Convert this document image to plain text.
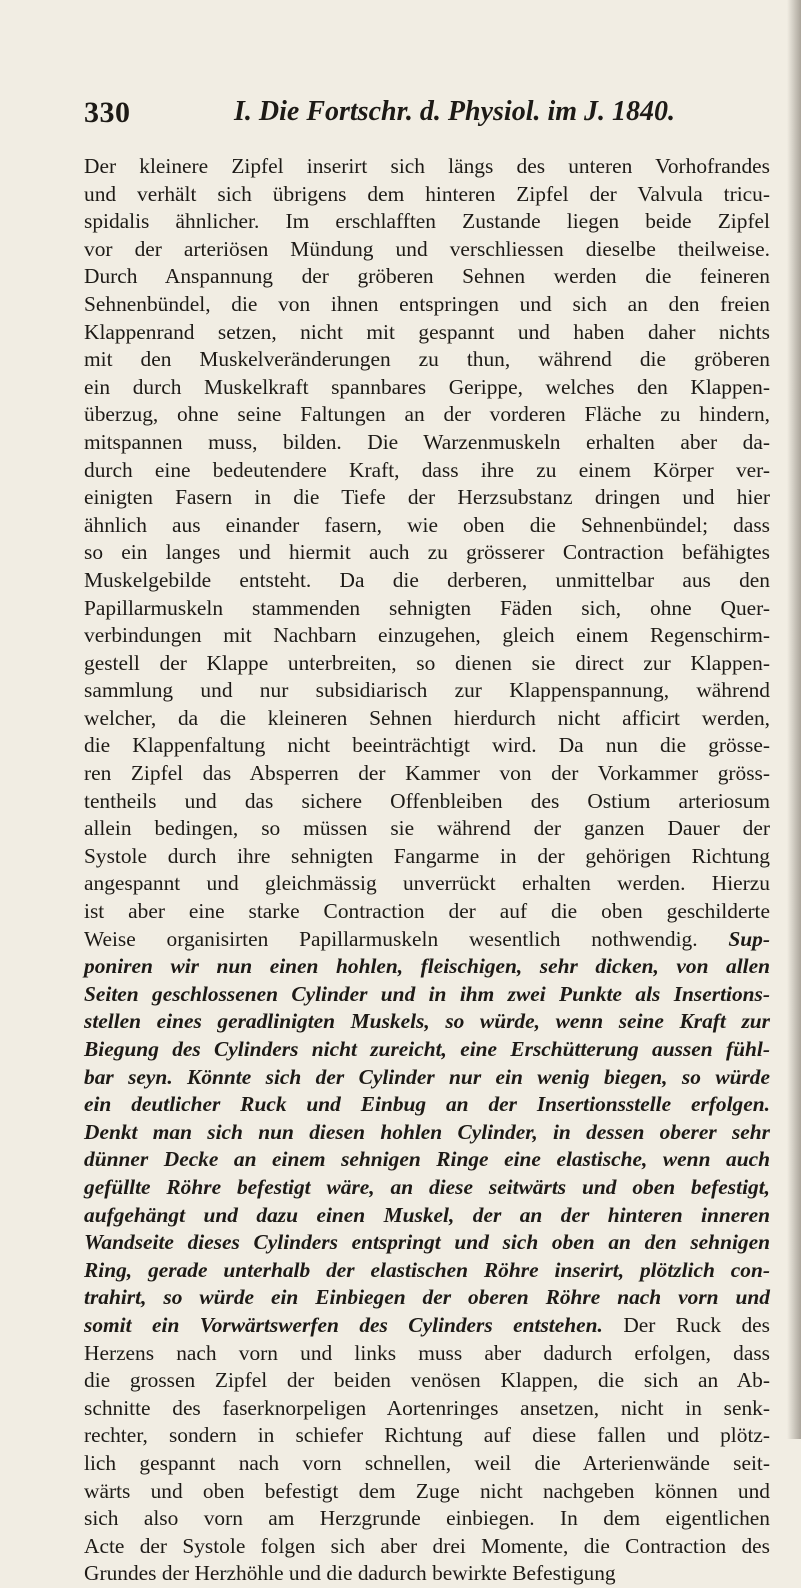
330	I. Die Fortschr. d. Physiol. im J. 1840.
Der kleinere Zipfel inserirt sich längs des unteren Vorhofrandes
und verhält sich übrigens dem hinteren Zipfel der Valvula tricu-
spidalis ähnlicher. Im erschlafften Zustande liegen beide Zipfel
vor der arteriösen Mündung und verschliessen dieselbe theilweise.
Durch Anspannung der gröberen Sehnen werden die feineren
Sehnenbündel, die von ihnen entspringen und sich an den freien
Klappenrand setzen, nicht mit gespannt und haben daher nichts
mit den Muskelveränderungen zu thun, während die gröberen
ein durch Muskelkraft spannbares Gerippe, welches den Klappen-
überzug, ohne seine Faltungen an der vorderen Fläche zu hindern,
mitspannen muss, bilden. Die Warzenmuskeln erhalten aber da-
durch eine bedeutendere Kraft, dass ihre zu einem Körper ver-
einigten Fasern in die Tiefe der Herzsubstanz dringen und hier
ähnlich aus einander fasern, wie oben die Sehnenbündel; dass
so ein langes und hiermit auch zu grösserer Contraction befähigtes
Muskelgebilde entsteht. Da die derberen, unmittelbar aus den
Papillarmuskeln stammenden sehnigten Fäden sich, ohne Quer-
verbindungen mit Nachbarn einzugehen, gleich einem Regenschirm-
gestell der Klappe unterbreiten, so dienen sie direct zur Klappen-
sammlung und nur subsidiarisch zur Klappenspannung, während
welcher, da die kleineren Sehnen hierdurch nicht afficirt werden,
die Klappenfaltung nicht beeinträchtigt wird. Da nun die grösse-
ren Zipfel das Absperren der Kammer von der Vorkammer gröss-
tentheils und das sichere Offenbleiben des Ostium arteriosum
allein bedingen, so müssen sie während der ganzen Dauer der
Systole durch ihre sehnigten Fangarme in der gehörigen Richtung
angespannt und gleichmässig unverrückt erhalten werden. Hierzu
ist aber eine starke Contraction der auf die oben geschilderte
Weise organisirten Papillarmuskeln wesentlich nothwendig. Sup-
poniren wir nun einen hohlen, fleischigen, sehr dicken, von allen
Seiten geschlossenen Cylinder und in ihm zwei Punkte als Insertions-
stellen eines geradlinigten Muskels, so würde, wenn seine Kraft zur
Biegung des Cylinders nicht zureicht, eine Erschütterung aussen fühl-
bar seyn. Könnte sich der Cylinder nur ein wenig biegen, so würde
ein deutlicher Ruck und Einbug an der Insertionsstelle erfolgen.
Denkt man sich nun diesen hohlen Cylinder, in dessen oberer sehr
dünner Decke an einem sehnigen Ringe eine elastische, wenn auch
gefüllte Röhre befestigt wäre, an diese seitwärts und oben befestigt,
aufgehängt und dazu einen Muskel, der an der hinteren inneren
Wandseite dieses Cylinders entspringt und sich oben an den sehnigen
Ring, gerade unterhalb der elastischen Röhre inserirt, plötzlich con-
trahirt, so würde ein Einbiegen der oberen Röhre nach vorn und
somit ein Vorwärtswerfen des Cylinders entstehen. Der Ruck des
Herzens nach vorn und links muss aber dadurch erfolgen, dass
die grossen Zipfel der beiden venösen Klappen, die sich an Ab-
schnitte des faserknorpeligen Aortenringes ansetzen, nicht in senk-
rechter, sondern in schiefer Richtung auf diese fallen und plötz-
lich gespannt nach vorn schnellen, weil die Arterienwände seit-
wärts und oben befestigt dem Zuge nicht nachgeben können und
sich also vorn am Herzgrunde einbiegen. In dem eigentlichen
Acte der Systole folgen sich aber drei Momente, die Contraction des
Grundes der Herzhöhle und die dadurch bewirkte Befestigung
